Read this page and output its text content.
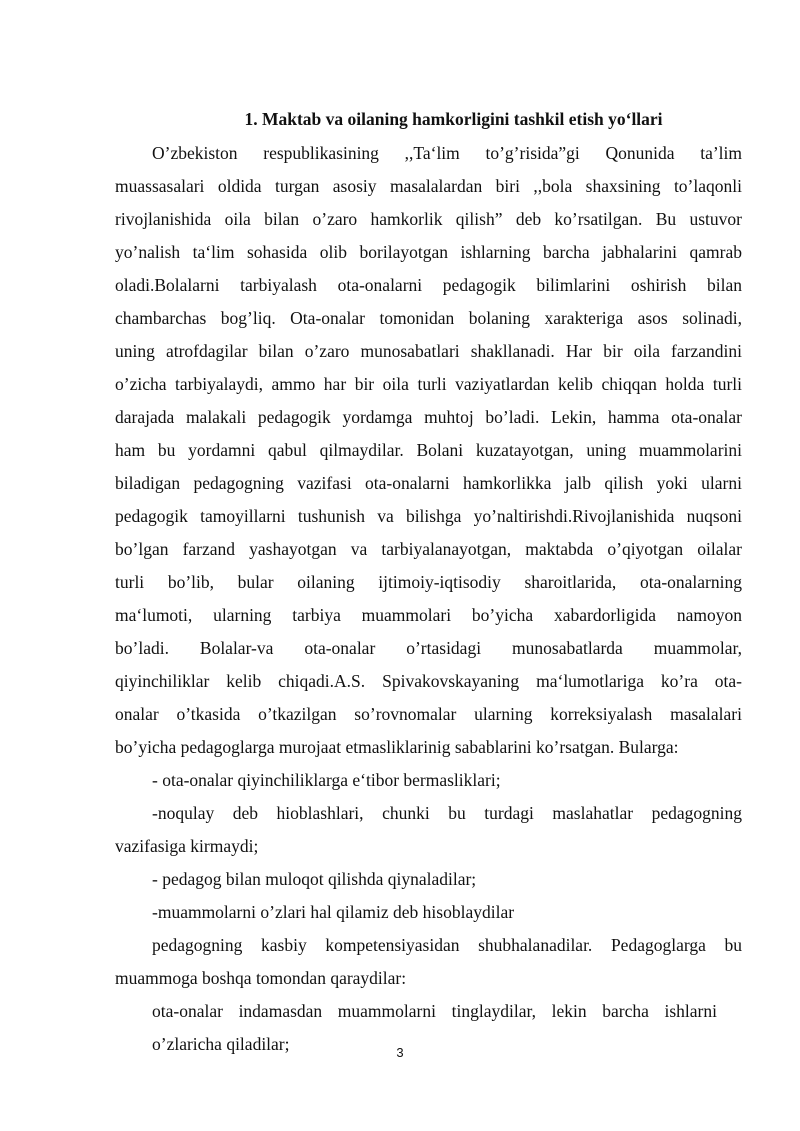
1. Maktab va oilaning hamkorligini tashkil etish yo‘llari
O’zbekiston respublikasining ,,Ta‘lim to’g’risida”gi Qonunida ta’lim
muassasalari oldida turgan asosiy masalalardan biri ,,bola shaxsining to’laqonli
rivojlanishida oila bilan o’zaro hamkorlik qilish” deb ko’rsatilgan. Bu ustuvor
yo’nalish ta‘lim sohasida olib borilayotgan ishlarning barcha jabhalarini qamrab
oladi.Bolalarni tarbiyalash ota-onalarni pedagogik bilimlarini oshirish bilan
chambarchas bog’liq. Ota-onalar tomonidan bolaning xarakteriga asos solinadi,
uning atrofdagilar bilan o’zaro munosabatlari shakllanadi. Har bir oila farzandini
o’zicha tarbiyalaydi, ammo har bir oila turli vaziyatlardan kelib chiqqan holda turli
darajada malakali pedagogik yordamga muhtoj bo’ladi. Lekin, hamma ota-onalar
ham bu yordamni qabul qilmaydilar. Bolani kuzatayotgan, uning muammolarini
biladigan pedagogning vazifasi ota-onalarni hamkorlikka jalb qilish yoki ularni
pedagogik tamoyillarni tushunish va bilishga yo’naltirishdi.Rivojlanishida nuqsoni
bo’lgan farzand yashayotgan va tarbiyalanayotgan, maktabda o’qiyotgan oilalar
turli bo’lib, bular oilaning ijtimoiy-iqtisodiy sharoitlarida, ota-onalarning
ma‘lumoti, ularning tarbiya muammolari bo’yicha xabardorligida namoyon
bo’ladi. Bolalar-va ota-onalar o’rtasidagi munosabatlarda muammolar,
qiyinchiliklar kelib chiqadi.A.S. Spivakovskayaning ma‘lumotlariga ko’ra ota-
onalar o’tkasida o’tkazilgan so’rovnomalar ularning korreksiyalash masalalari
bo’yicha pedagoglarga murojaat etmasliklarinig sabablarini ko’rsatgan. Bularga:
- ota-onalar qiyinchiliklarga e‘tibor bermasliklari;
-noqulay deb hioblashlari, chunki bu turdagi maslahatlar pedagogning
vazifasiga kirmaydi;
- pedagog bilan muloqot qilishda qiynaladilar;
-muammolarni o’zlari hal qilamiz deb hisoblaydilar
pedagogning kasbiy kompetensiyasidan shubhalanadilar. Pedagoglarga bu
muammoga boshqa tomondan qaraydilar:
ota-onalar indamasdan muammolarni tinglaydilar, lekin barcha ishlarni
o’zlaricha qiladilar;	3
